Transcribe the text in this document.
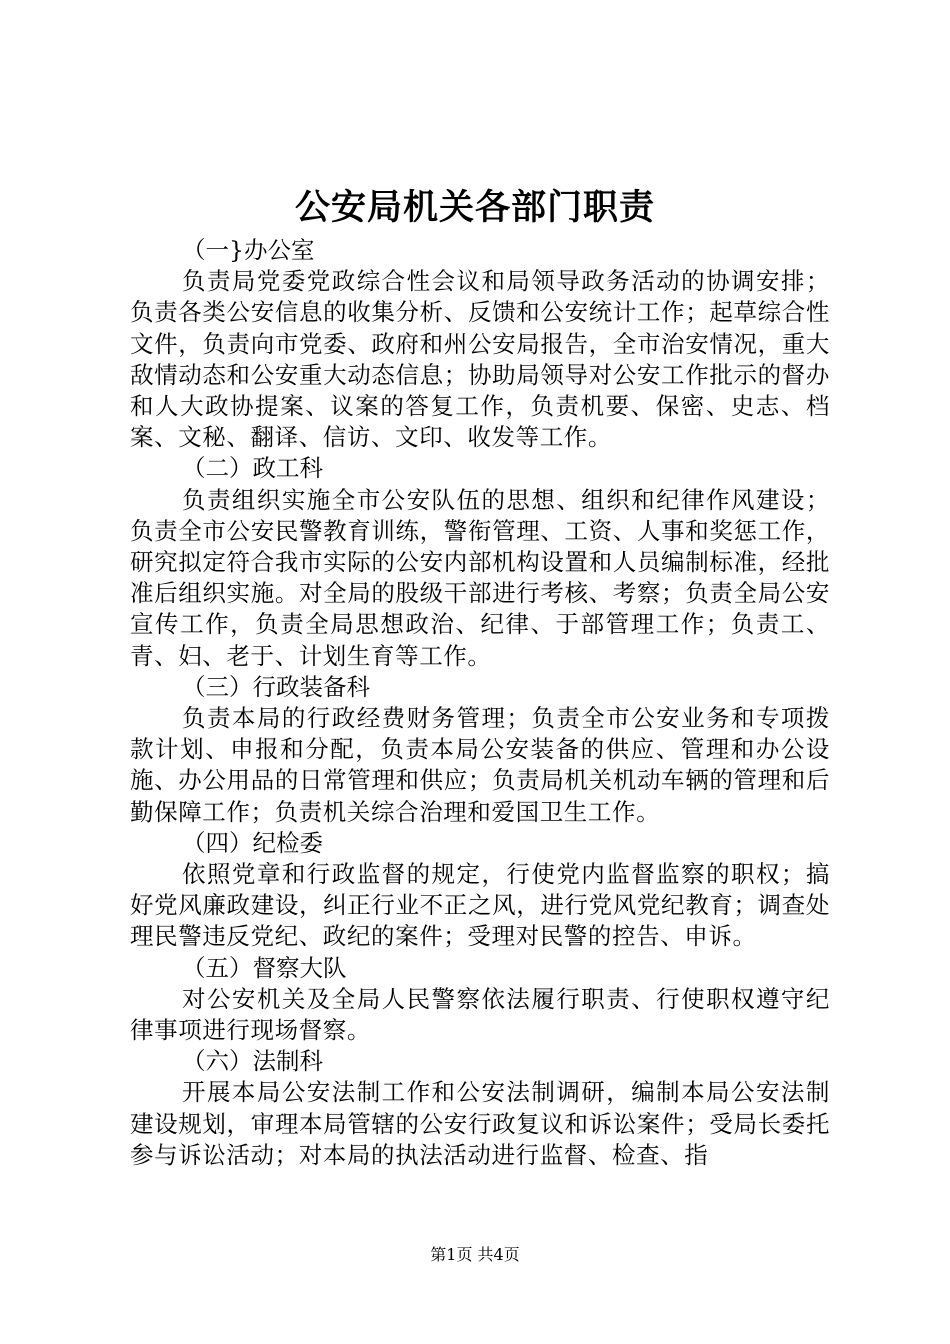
公安局机关各部门职责

（一}办公室

负责局党委党政综合性会议和局领导政务活动的协调安排；负责各类公安信息的收集分析、反馈和公安统计工作；起草综合性文件，负责向市党委、政府和州公安局报告，全市治安情况，重大敌情动态和公安重大动态信息；协助局领导对公安工作批示的督办和人大政协提案、议案的答复工作，负责机要、保密、史志、档案、文秘、翻译、信访、文印、收发等工作。

（二）政工科

负责组织实施全市公安队伍的思想、组织和纪律作风建设；负责全市公安民警教育训练，警衔管理、工资、人事和奖惩工作，研究拟定符合我市实际的公安内部机构设置和人员编制标准，经批准后组织实施。对全局的股级干部进行考核、考察；负责全局公安宣传工作，负责全局思想政治、纪律、于部管理工作；负责工、青、妇、老于、计划生育等工作。

（三）行政装备科

负责本局的行政经费财务管理；负责全市公安业务和专项拨款计划、申报和分配，负责本局公安装备的供应、管理和办公设施、办公用品的日常管理和供应；负责局机关机动车辆的管理和后勤保障工作；负责机关综合治理和爱国卫生工作。

（四）纪检委

依照党章和行政监督的规定，行使党内监督监察的职权；搞好党风廉政建设，纠正行业不正之风，进行党风党纪教育；调查处理民警违反党纪、政纪的案件；受理对民警的控告、申诉。

（五）督察大队

对公安机关及全局人民警察依法履行职责、行使职权遵守纪律事项进行现场督察。

（六）法制科

开展本局公安法制工作和公安法制调研，编制本局公安法制建设规划，审理本局管辖的公安行政复议和诉讼案件；受局长委托参与诉讼活动；对本局的执法活动进行监督、检查、指

第1页 共4页
